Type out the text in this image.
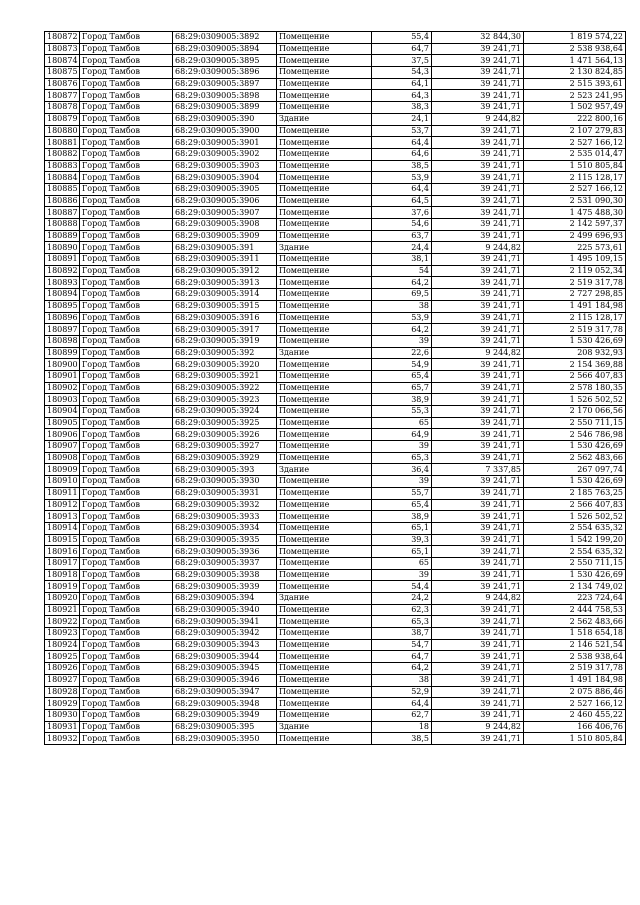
180872	Город Тамбов	68:29:0309005:3892	Помещение	55,4	32 844,30	1 819 574,22
180873	Город Тамбов	68:29:0309005:3894	Помещение	64,7	39 241,71	2 538 938,64
180874	Город Тамбов	68:29:0309005:3895	Помещение	37,5	39 241,71	1 471 564,13
180875	Город Тамбов	68:29:0309005:3896	Помещение	54,3	39 241,71	2 130 824,85
180876	Город Тамбов	68:29:0309005:3897	Помещение	64,1	39 241,71	2 515 393,61
180877	Город Тамбов	68:29:0309005:3898	Помещение	64,3	39 241,71	2 523 241,95
180878	Город Тамбов	68:29:0309005:3899	Помещение	38,3	39 241,71	1 502 957,49
180879	Город Тамбов	68:29:0309005:390	Здание	24,1	9 244,82	222 800,16
180880	Город Тамбов	68:29:0309005:3900	Помещение	53,7	39 241,71	2 107 279,83
180881	Город Тамбов	68:29:0309005:3901	Помещение	64,4	39 241,71	2 527 166,12
180882	Город Тамбов	68:29:0309005:3902	Помещение	64,6	39 241,71	2 535 014,47
180883	Город Тамбов	68:29:0309005:3903	Помещение	38,5	39 241,71	1 510 805,84
180884	Город Тамбов	68:29:0309005:3904	Помещение	53,9	39 241,71	2 115 128,17
180885	Город Тамбов	68:29:0309005:3905	Помещение	64,4	39 241,71	2 527 166,12
180886	Город Тамбов	68:29:0309005:3906	Помещение	64,5	39 241,71	2 531 090,30
180887	Город Тамбов	68:29:0309005:3907	Помещение	37,6	39 241,71	1 475 488,30
180888	Город Тамбов	68:29:0309005:3908	Помещение	54,6	39 241,71	2 142 597,37
180889	Город Тамбов	68:29:0309005:3909	Помещение	63,7	39 241,71	2 499 696,93
180890	Город Тамбов	68:29:0309005:391	Здание	24,4	9 244,82	225 573,61
180891	Город Тамбов	68:29:0309005:3911	Помещение	38,1	39 241,71	1 495 109,15
180892	Город Тамбов	68:29:0309005:3912	Помещение	54	39 241,71	2 119 052,34
180893	Город Тамбов	68:29:0309005:3913	Помещение	64,2	39 241,71	2 519 317,78
180894	Город Тамбов	68:29:0309005:3914	Помещение	69,5	39 241,71	2 727 298,85
180895	Город Тамбов	68:29:0309005:3915	Помещение	38	39 241,71	1 491 184,98
180896	Город Тамбов	68:29:0309005:3916	Помещение	53,9	39 241,71	2 115 128,17
180897	Город Тамбов	68:29:0309005:3917	Помещение	64,2	39 241,71	2 519 317,78
180898	Город Тамбов	68:29:0309005:3919	Помещение	39	39 241,71	1 530 426,69
180899	Город Тамбов	68:29:0309005:392	Здание	22,6	9 244,82	208 932,93
180900	Город Тамбов	68:29:0309005:3920	Помещение	54,9	39 241,71	2 154 369,88
180901	Город Тамбов	68:29:0309005:3921	Помещение	65,4	39 241,71	2 566 407,83
180902	Город Тамбов	68:29:0309005:3922	Помещение	65,7	39 241,71	2 578 180,35
180903	Город Тамбов	68:29:0309005:3923	Помещение	38,9	39 241,71	1 526 502,52
180904	Город Тамбов	68:29:0309005:3924	Помещение	55,3	39 241,71	2 170 066,56
180905	Город Тамбов	68:29:0309005:3925	Помещение	65	39 241,71	2 550 711,15
180906	Город Тамбов	68:29:0309005:3926	Помещение	64,9	39 241,71	2 546 786,98
180907	Город Тамбов	68:29:0309005:3927	Помещение	39	39 241,71	1 530 426,69
180908	Город Тамбов	68:29:0309005:3929	Помещение	65,3	39 241,71	2 562 483,66
180909	Город Тамбов	68:29:0309005:393	Здание	36,4	7 337,85	267 097,74
180910	Город Тамбов	68:29:0309005:3930	Помещение	39	39 241,71	1 530 426,69
180911	Город Тамбов	68:29:0309005:3931	Помещение	55,7	39 241,71	2 185 763,25
180912	Город Тамбов	68:29:0309005:3932	Помещение	65,4	39 241,71	2 566 407,83
180913	Город Тамбов	68:29:0309005:3933	Помещение	38,9	39 241,71	1 526 502,52
180914	Город Тамбов	68:29:0309005:3934	Помещение	65,1	39 241,71	2 554 635,32
180915	Город Тамбов	68:29:0309005:3935	Помещение	39,3	39 241,71	1 542 199,20
180916	Город Тамбов	68:29:0309005:3936	Помещение	65,1	39 241,71	2 554 635,32
180917	Город Тамбов	68:29:0309005:3937	Помещение	65	39 241,71	2 550 711,15
180918	Город Тамбов	68:29:0309005:3938	Помещение	39	39 241,71	1 530 426,69
180919	Город Тамбов	68:29:0309005:3939	Помещение	54,4	39 241,71	2 134 749,02
180920	Город Тамбов	68:29:0309005:394	Здание	24,2	9 244,82	223 724,64
180921	Город Тамбов	68:29:0309005:3940	Помещение	62,3	39 241,71	2 444 758,53
180922	Город Тамбов	68:29:0309005:3941	Помещение	65,3	39 241,71	2 562 483,66
180923	Город Тамбов	68:29:0309005:3942	Помещение	38,7	39 241,71	1 518 654,18
180924	Город Тамбов	68:29:0309005:3943	Помещение	54,7	39 241,71	2 146 521,54
180925	Город Тамбов	68:29:0309005:3944	Помещение	64,7	39 241,71	2 538 938,64
180926	Город Тамбов	68:29:0309005:3945	Помещение	64,2	39 241,71	2 519 317,78
180927	Город Тамбов	68:29:0309005:3946	Помещение	38	39 241,71	1 491 184,98
180928	Город Тамбов	68:29:0309005:3947	Помещение	52,9	39 241,71	2 075 886,46
180929	Город Тамбов	68:29:0309005:3948	Помещение	64,4	39 241,71	2 527 166,12
180930	Город Тамбов	68:29:0309005:3949	Помещение	62,7	39 241,71	2 460 455,22
180931	Город Тамбов	68:29:0309005:395	Здание	18	9 244,82	166 406,76
180932	Город Тамбов	68:29:0309005:3950	Помещение	38,5	39 241,71	1 510 805,84
